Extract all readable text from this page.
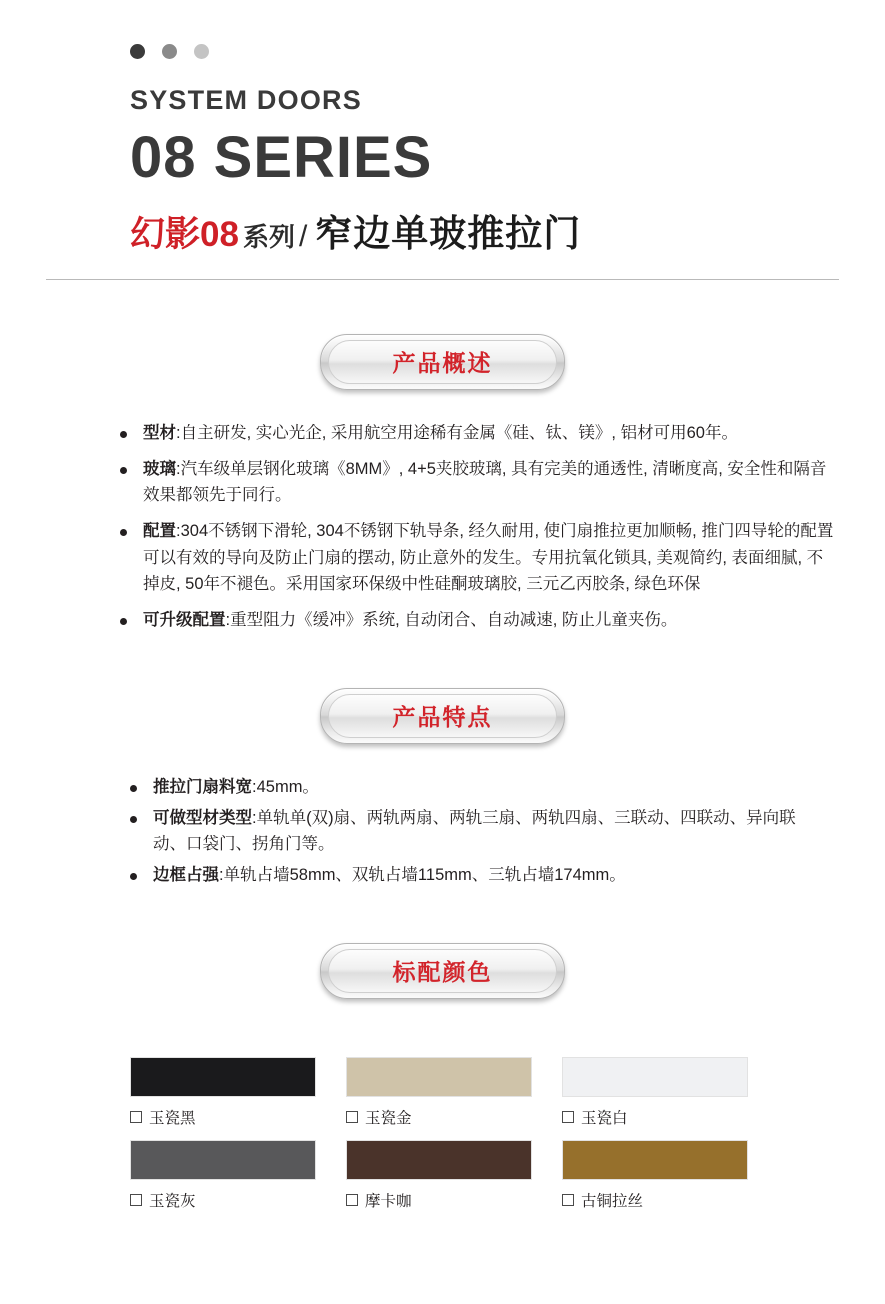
SYSTEM DOORS
08 SERIES
幻影08 系列 / 窄边单玻推拉门
产品概述
型材:自主研发, 实心光企, 采用航空用途稀有金属《硅、钛、镁》, 铝材可用60年。
玻璃:汽车级单层钢化玻璃《8MM》, 4+5夹胶玻璃, 具有完美的通透性, 清晰度高, 安全性和隔音效果都领先于同行。
配置:304不锈钢下滑轮, 304不锈钢下轨导条, 经久耐用, 使门扇推拉更加顺畅, 推门四导轮的配置可以有效的导向及防止门扇的摆动, 防止意外的发生。专用抗氧化锁具, 美观简约, 表面细腻, 不掉皮, 50年不褪色。采用国家环保级中性硅酮玻璃胶, 三元乙丙胶条, 绿色环保
可升级配置:重型阻力《缓冲》系统, 自动闭合、自动减速, 防止儿童夹伤。
产品特点
推拉门扇料宽:45mm。
可做型材类型:单轨单(双)扇、两轨两扇、两轨三扇、两轨四扇、三联动、四联动、异向联动、口袋门、拐角门等。
边框占强:单轨占墙58mm、双轨占墙115mm、三轨占墙174mm。
标配颜色
玉瓷黑	玉瓷金	玉瓷白
玉瓷灰	摩卡咖	古铜拉丝
